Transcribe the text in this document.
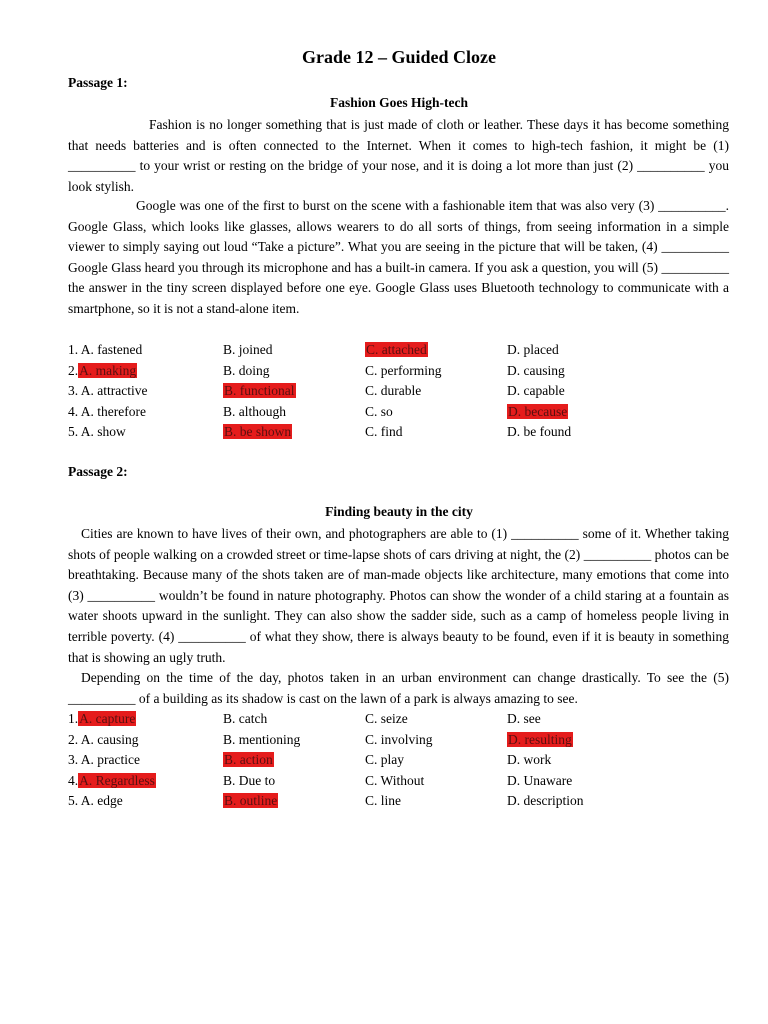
Grade 12 – Guided Cloze
Passage 1:
Fashion Goes High-tech

Fashion is no longer something that is just made of cloth or leather. These days it has become something that needs batteries and is often connected to the Internet. When it comes to high-tech fashion, it might be (1) __________ to your wrist or resting on the bridge of your nose, and it is doing a lot more than just (2) __________ you look stylish.

Google was one of the first to burst on the scene with a fashionable item that was also very (3) __________. Google Glass, which looks like glasses, allows wearers to do all sorts of things, from seeing information in a simple viewer to simply saying out loud “Take a picture”. What you are seeing in the picture that will be taken, (4) __________ Google Glass heard you through its microphone and has a built-in camera. If you ask a question, you will (5) __________ the answer in the tiny screen displayed before one eye. Google Glass uses Bluetooth technology to communicate with a smartphone, so it is not a stand-alone item.

1. A. fastened	B. joined	C. attached	D. placed
2.A. making	B. doing	C. performing	D. causing
3. A. attractive	B. functional	C. durable	D. capable
4. A. therefore	B. although	C. so	D. because
5. A. show	B. be shown	C. find	D. be found
Passage 2:
Finding beauty in the city

Cities are known to have lives of their own, and photographers are able to (1) __________ some of it. Whether taking shots of people walking on a crowded street or time-lapse shots of cars driving at night, the (2) __________ photos can be breathtaking. Because many of the shots taken are of man-made objects like architecture, many emotions that come into (3) __________ wouldn’t be found in nature photography. Photos can show the wonder of a child staring at a fountain as water shoots upward in the sunlight. They can also show the sadder side, such as a camp of homeless people living in terrible poverty. (4) __________ of what they show, there is always beauty to be found, even if it is beauty in something that is showing an ugly truth.

Depending on the time of the day, photos taken in an urban environment can change drastically. To see the (5) __________ of a building as its shadow is cast on the lawn of a park is always amazing to see.

1.A. capture	B. catch	C. seize	D. see
2. A. causing	B. mentioning	C. involving	D. resulting
3. A. practice	B. action	C. play	D. work
4.A. Regardless	B. Due to	C. Without	D. Unaware
5. A. edge	B. outline	C. line	D. description
